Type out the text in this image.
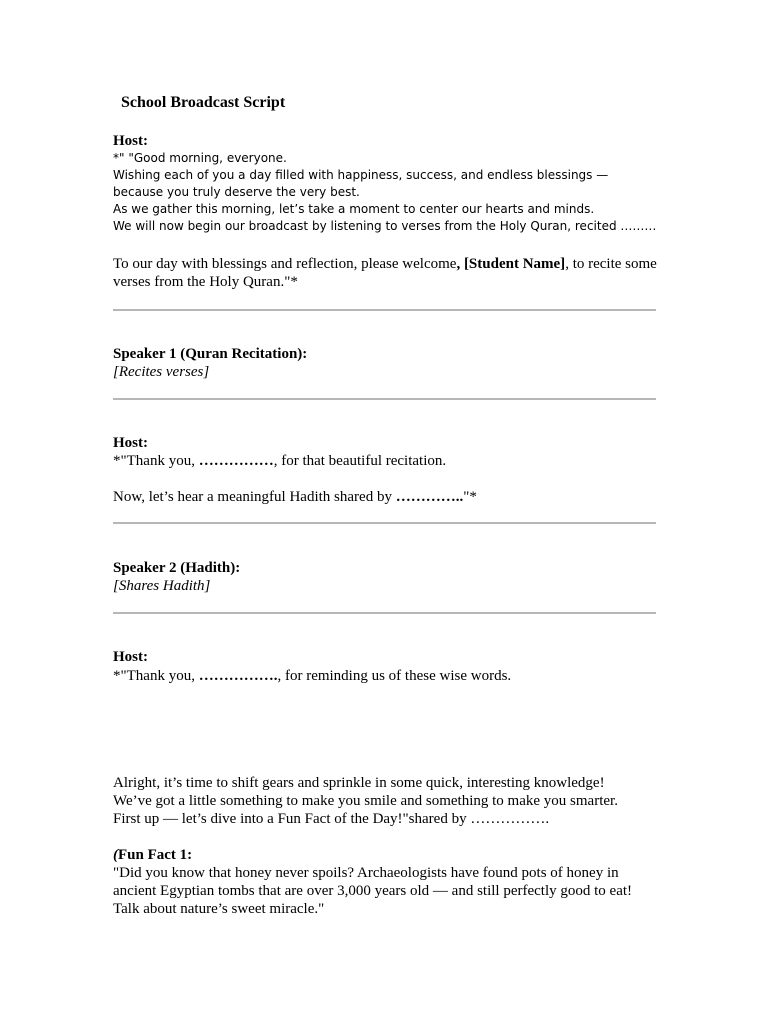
School Broadcast Script
Host:

*" "Good morning, everyone.

Wishing each of you a day filled with happiness, success, and endless blessings — because you truly deserve the very best.

As we gather this morning, let’s take a moment to center our hearts and minds.

We will now begin our broadcast by listening to verses from the Holy Quran, recited ………

To our day with blessings and reflection, please welcome, [Student Name], to recite some verses from the Holy Quran."*
Speaker 1 (Quran Recitation):
[Recites verses]
Host:
*"Thank you, ……………, for that beautiful recitation.
Now, let’s hear a meaningful Hadith shared by ………….."*
Speaker 2 (Hadith):
[Shares Hadith]
Host:
*"Thank you, ……………., for reminding us of these wise words.

Alright, it’s time to shift gears and sprinkle in some quick, interesting knowledge!

We’ve got a little something to make you smile and something to make you smarter.

First up — let’s dive into a Fun Fact of the Day!"shared by …………….

(Fun Fact 1:
"Did you know that honey never spoils? Archaeologists have found pots of honey in ancient Egyptian tombs that are over 3,000 years old — and still perfectly good to eat! Talk about nature’s sweet miracle."
